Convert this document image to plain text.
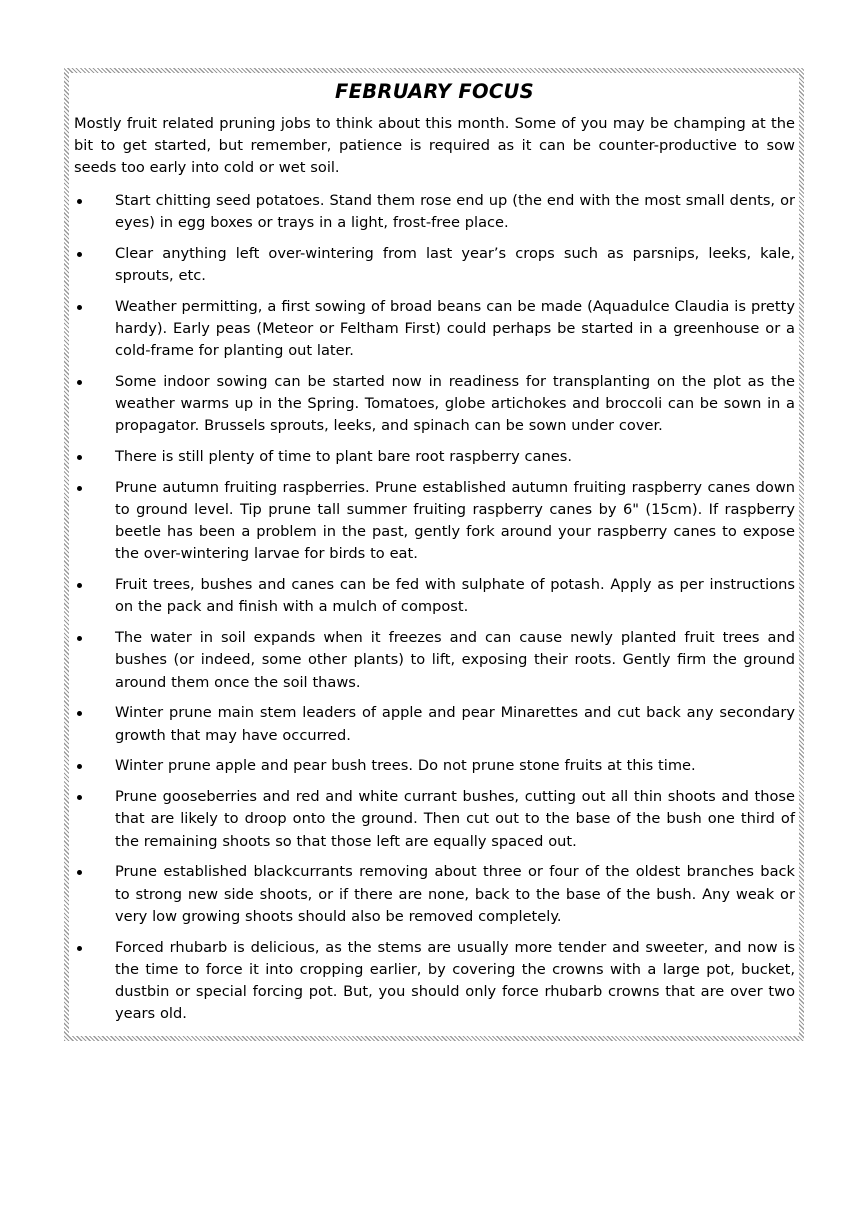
FEBRUARY FOCUS

Mostly fruit related pruning jobs to think about this month. Some of you may be champing at the bit to get started, but remember, patience is required as it can be counter-productive to sow seeds too early into cold or wet soil.

Start chitting seed potatoes. Stand them rose end up (the end with the most small dents, or eyes) in egg boxes or trays in a light, frost-free place.
Clear anything left over-wintering from last year’s crops such as parsnips, leeks, kale, sprouts, etc.
Weather permitting, a first sowing of broad beans can be made (Aquadulce Claudia is pretty hardy). Early peas (Meteor or Feltham First) could perhaps be started in a greenhouse or a cold-frame for planting out later.
Some indoor sowing can be started now in readiness for transplanting on the plot as the weather warms up in the Spring. Tomatoes, globe artichokes and broccoli can be sown in a propagator. Brussels sprouts, leeks, and spinach can be sown under cover.
There is still plenty of time to plant bare root raspberry canes.
Prune autumn fruiting raspberries. Prune established autumn fruiting raspberry canes down to ground level. Tip prune tall summer fruiting raspberry canes by 6" (15cm). If raspberry beetle has been a problem in the past, gently fork around your raspberry canes to expose the over-wintering larvae for birds to eat.
Fruit trees, bushes and canes can be fed with sulphate of potash. Apply as per instructions on the pack and finish with a mulch of compost.
The water in soil expands when it freezes and can cause newly planted fruit trees and bushes (or indeed, some other plants) to lift, exposing their roots. Gently firm the ground around them once the soil thaws.
Winter prune main stem leaders of apple and pear Minarettes and cut back any secondary growth that may have occurred.
Winter prune apple and pear bush trees. Do not prune stone fruits at this time.
Prune gooseberries and red and white currant bushes, cutting out all thin shoots and those that are likely to droop onto the ground. Then cut out to the base of the bush one third of the remaining shoots so that those left are equally spaced out.
Prune established blackcurrants removing about three or four of the oldest branches back to strong new side shoots, or if there are none, back to the base of the bush. Any weak or very low growing shoots should also be removed completely.
Forced rhubarb is delicious, as the stems are usually more tender and sweeter, and now is the time to force it into cropping earlier, by covering the crowns with a large pot, bucket, dustbin or special forcing pot. But, you should only force rhubarb crowns that are over two years old.
